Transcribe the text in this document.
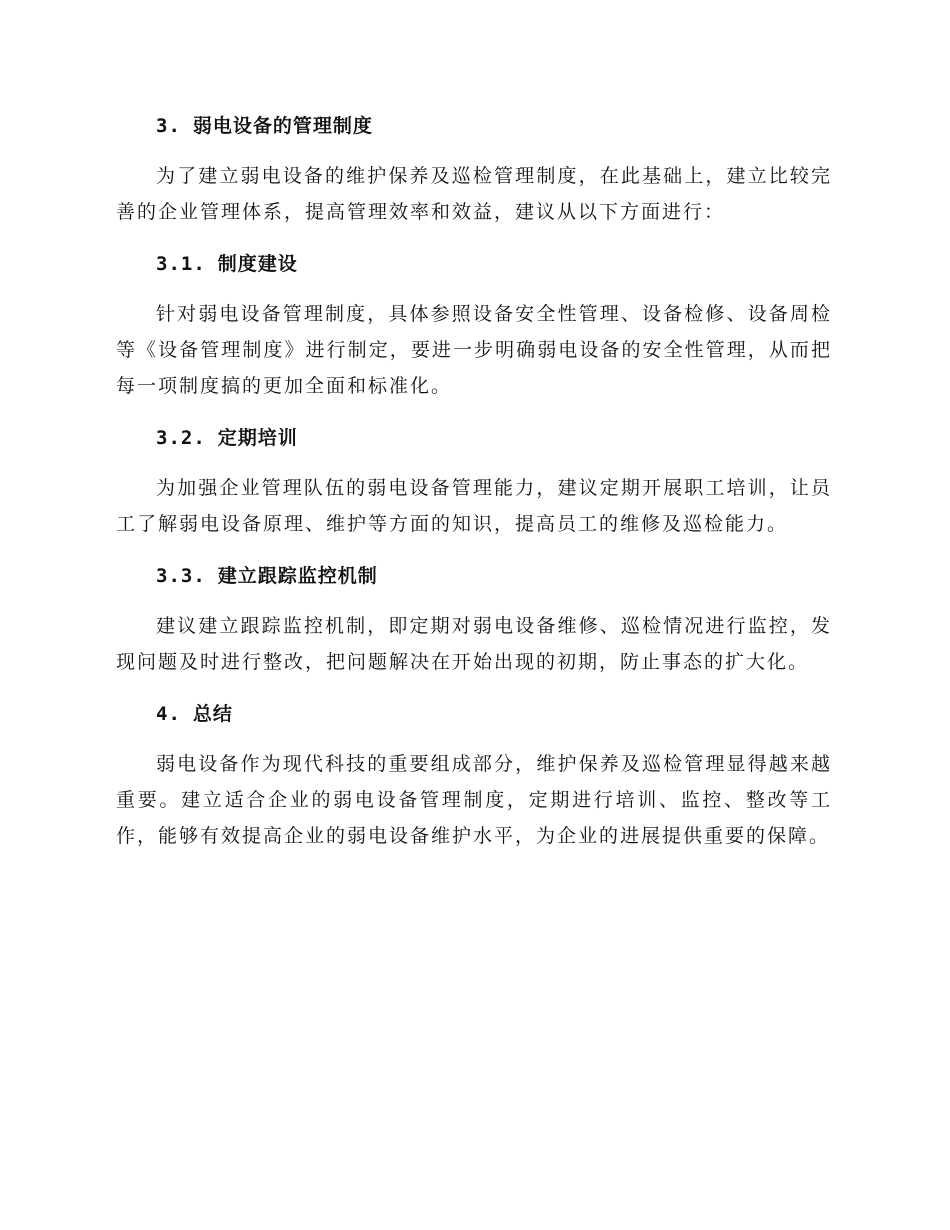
3. 弱电设备的管理制度

为了建立弱电设备的维护保养及巡检管理制度，在此基础上，建立比较完善的企业管理体系，提高管理效率和效益，建议从以下方面进行：

3.1. 制度建设

针对弱电设备管理制度，具体参照设备安全性管理、设备检修、设备周检等《设备管理制度》进行制定，要进一步明确弱电设备的安全性管理，从而把每一项制度搞的更加全面和标准化。

3.2. 定期培训

为加强企业管理队伍的弱电设备管理能力，建议定期开展职工培训，让员工了解弱电设备原理、维护等方面的知识，提高员工的维修及巡检能力。

3.3. 建立跟踪监控机制

建议建立跟踪监控机制，即定期对弱电设备维修、巡检情况进行监控，发现问题及时进行整改，把问题解决在开始出现的初期，防止事态的扩大化。

4. 总结

弱电设备作为现代科技的重要组成部分，维护保养及巡检管理显得越来越重要。建立适合企业的弱电设备管理制度，定期进行培训、监控、整改等工作，能够有效提高企业的弱电设备维护水平，为企业的进展提供重要的保障。
